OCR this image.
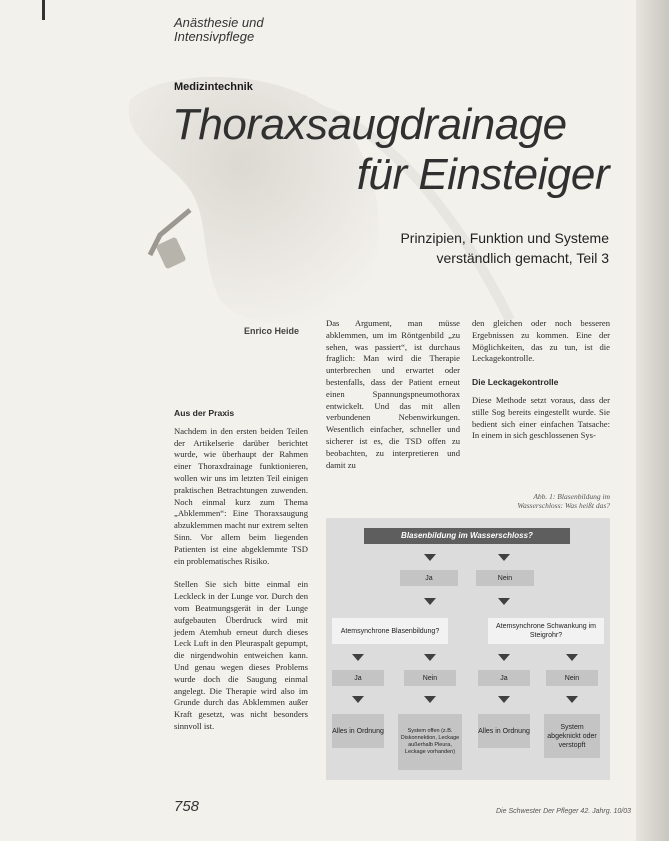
Anästhesie und
Intensivpflege
Medizintechnik
Thoraxsaugdrainage
für Einsteiger
Prinzipien, Funktion und Systeme
verständlich gemacht, Teil 3
Enrico Heide
Aus der Praxis

Nachdem in den ersten beiden Teilen der Artikelserie darüber berichtet wurde, wie überhaupt der Rahmen einer Thoraxdrainage funktionieren, wollen wir uns im letzten Teil einigen praktischen Betrachtungen zuwenden. Noch einmal kurz zum Thema „Abklemmen“: Eine Thoraxsaugung abzuklemmen macht nur extrem selten Sinn. Vor allem beim liegenden Patienten ist eine abgeklemmte TSD ein problematisches Risiko.

Stellen Sie sich bitte einmal ein Leckleck in der Lunge vor. Durch den vom Beatmungsgerät in der Lunge aufgebauten Überdruck wird mit jedem Atemhub erneut durch dieses Leck Luft in den Pleuraspalt gepumpt, die nirgendwohin entweichen kann. Und genau wegen dieses Problems wurde doch die Saugung einmal angelegt. Die Therapie wird also im Grunde durch das Abklemmen außer Kraft gesetzt, was nicht besonders sinnvoll ist.

Das Argument, man müsse abklemmen, um im Röntgenbild „zu sehen, was passiert“, ist durchaus fraglich: Man wird die Therapie unterbrechen und erwartet oder bestenfalls, dass der Patient erneut einen Spannungspneumothorax entwickelt. Und das mit allen verbundenen Nebenwirkungen. Wesentlich einfacher, schneller und sicherer ist es, die TSD offen zu beobachten, zu interpretieren und damit zu

den gleichen oder noch besseren Ergebnissen zu kommen. Eine der Möglichkeiten, das zu tun, ist die Leckagekontrolle.

Die Leckagekontrolle

Diese Methode setzt voraus, dass der stille Sog bereits eingestellt wurde. Sie bedient sich einer einfachen Tatsache: In einem in sich geschlossenen Sys-

Abb. 1: Blasenbildung im
Wasserschloss: Was heißt das?
Blasenbildung im Wasserschloss?
Ja	Nein
Atemsynchrone Blasenbildung?
Atemsynchrone Schwankung im Steigrohr?
Ja	Nein	Ja	Nein
Alles in Ordnung	System offen (z.B. Diskonnektion, Leckage außerhalb Pleura, Leckage vorhanden)
Alles in Ordnung
System abgeknickt oder verstopft
758	Die Schwester Der Pfleger 42. Jahrg. 10/03
